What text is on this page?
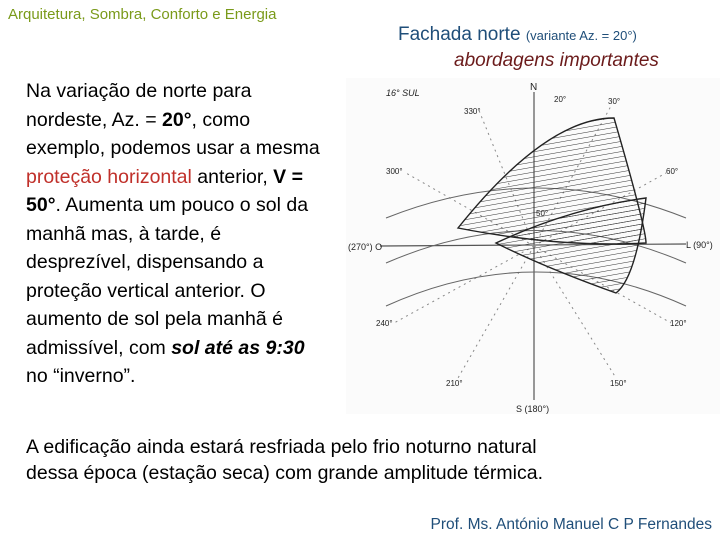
Arquitetura, Sombra, Conforto e Energia
Fachada norte (variante Az. = 20°)
abordagens importantes
Na variação de norte para nordeste, Az. = 20°, como exemplo, podemos usar a mesma proteção horizontal anterior, V = 50°. Aumenta um pouco o sol da manhã mas, à tarde, é desprezível, dispensando a proteção vertical anterior. O aumento de sol pela manhã é admissível, com sol até as 9:30 no “inverno”.
16° SUL	N
S (180°)
L (90°)
(270°) O
330°
30°
20°
300°	60°
240°	120°
210°	150°
50°
A edificação ainda estará resfriada pelo frio noturno natural dessa época (estação seca) com grande amplitude térmica.
Prof. Ms. António Manuel C P Fernandes
